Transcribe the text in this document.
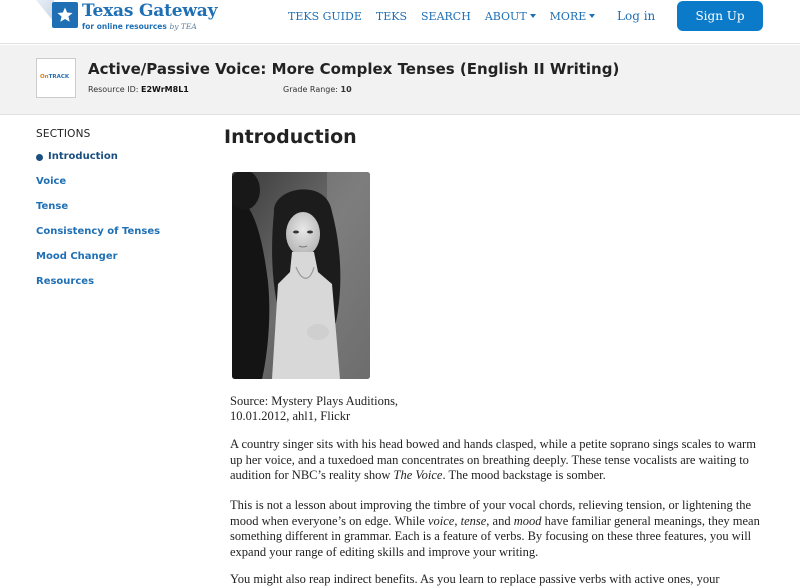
Texas Gateway
for online resources by TEA
TEKS GUIDE TEKS SEARCH ABOUT MORE	Log in	Sign Up
OnTRACK Active/Passive Voice: More Complex Tenses (English II Writing)
Resource ID: E2WrM8L1	Grade Range: 10
SECTIONS
Introduction
Voice
Tense
Consistency of Tenses
Mood Changer
Resources
Introduction
Source: Mystery Plays Auditions,
10.01.2012, ahl1, Flickr
A country singer sits with his head bowed and hands clasped, while a petite soprano sings scales to warm up her voice, and a tuxedoed man concentrates on breathing deeply. These tense vocalists are waiting to audition for NBC’s reality show The Voice. The mood backstage is somber.
This is not a lesson about improving the timbre of your vocal chords, relieving tension, or lightening the mood when everyone’s on edge. While voice, tense, and mood have familiar general meanings, they mean something different in grammar. Each is a feature of verbs. By focusing on these three features, you will expand your range of editing skills and improve your writing.
You might also reap indirect benefits. As you learn to replace passive verbs with active ones, your
